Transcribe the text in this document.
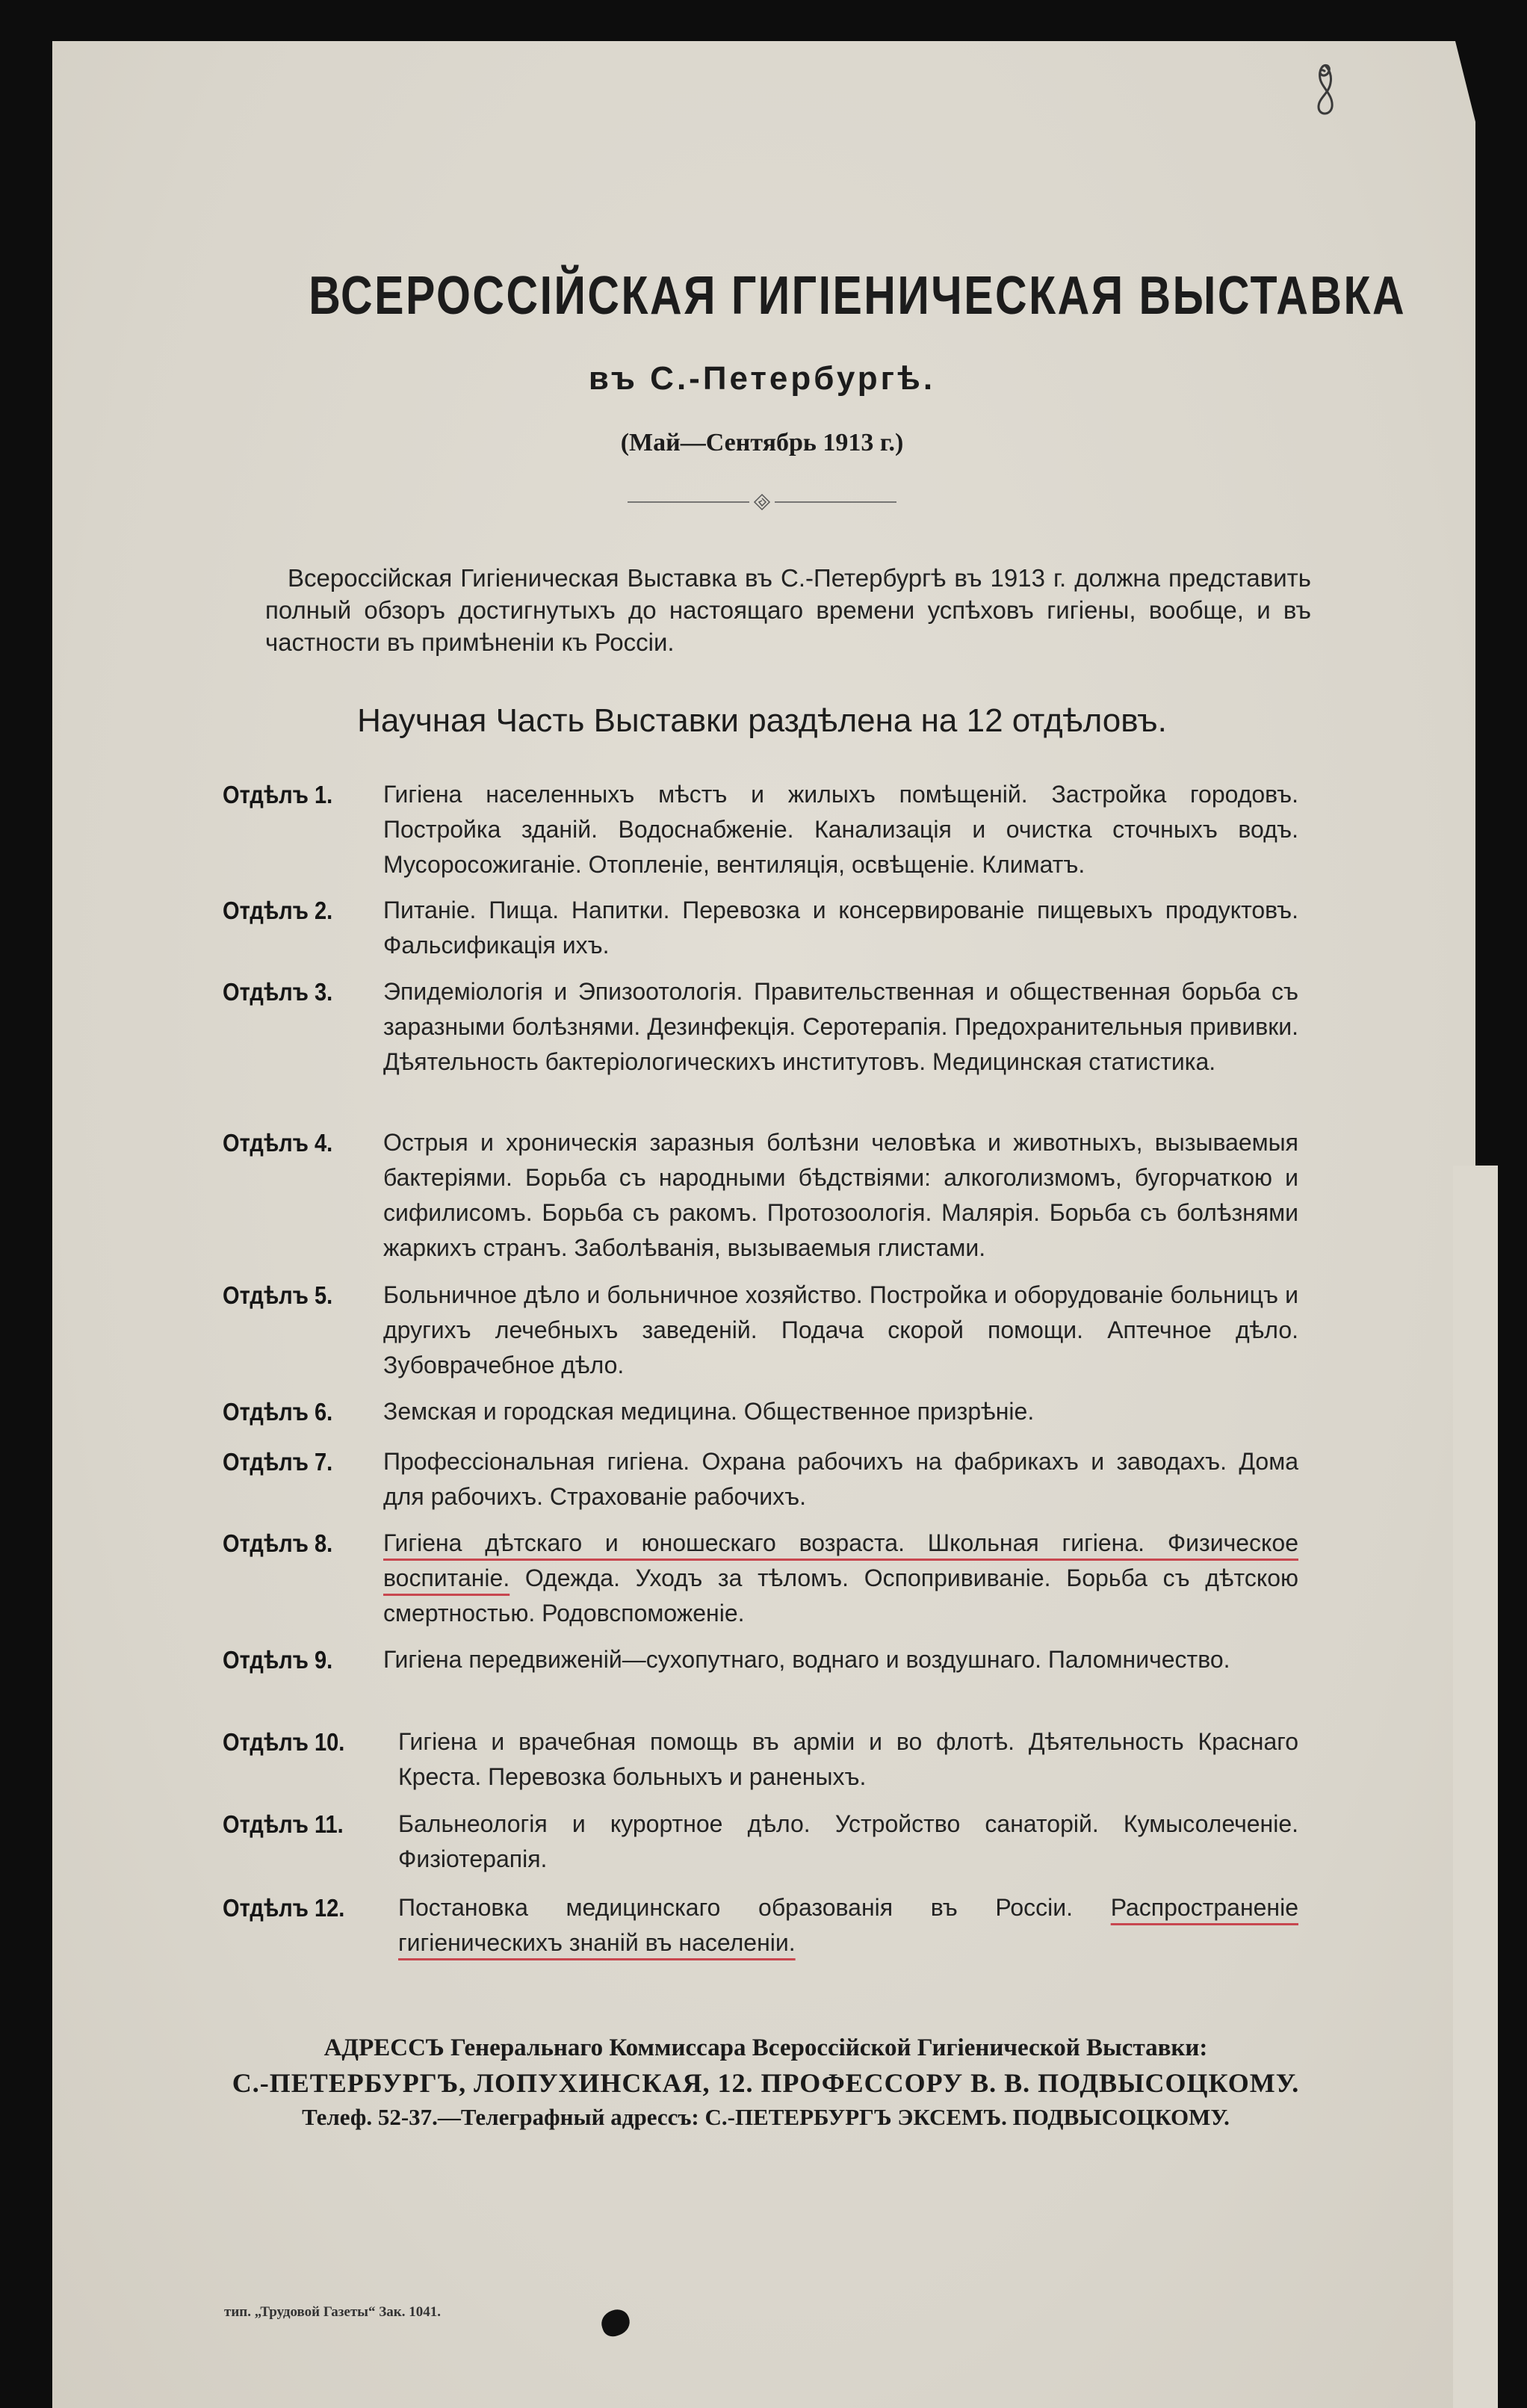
ВСЕРОССІЙСКАЯ ГИГІЕНИЧЕСКАЯ ВЫСТАВКА
въ С.-Петербургѣ.
(Май—Сентябрь 1913 г.)
Всероссійская Гигіеническая Выставка въ С.-Петербургѣ въ 1913 г. должна представить полный обзоръ достигнутыхъ до настоящаго времени успѣховъ гигіены, вообще, и въ частности въ примѣненіи къ Россіи.
Научная Часть Выставки раздѣлена на 12 отдѣловъ.
Отдѣлъ 1. Гигіена населенныхъ мѣстъ и жилыхъ помѣщеній. Застройка городовъ. Постройка зданій. Водоснабженіе. Канализація и очистка сточныхъ водъ. Мусоросожиганіе. Отопленіе, вентиляція, освѣщеніе. Климатъ.
Отдѣлъ 2. Питаніе. Пища. Напитки. Перевозка и консервированіе пищевыхъ продуктовъ. Фальсификація ихъ.
Отдѣлъ 3. Эпидеміологія и Эпизоотологія. Правительственная и общественная борьба съ заразными болѣзнями. Дезинфекція. Серотерапія. Предохранительныя прививки. Дѣятельность бактеріологическихъ институтовъ. Медицинская статистика.
Отдѣлъ 4. Острыя и хроническія заразныя болѣзни человѣка и животныхъ, вызываемыя бактеріями. Борьба съ народными бѣдствіями: алкоголизмомъ, бугорчаткою и сифилисомъ. Борьба съ ракомъ. Протозоологія. Малярія. Борьба съ болѣзнями жаркихъ странъ. Заболѣванія, вызываемыя глистами.
Отдѣлъ 5. Больничное дѣло и больничное хозяйство. Постройка и оборудованіе больницъ и другихъ лечебныхъ заведеній. Подача скорой помощи. Аптечное дѣло. Зубоврачебное дѣло.
Отдѣлъ 6. Земская и городская медицина. Общественное призрѣніе.
Отдѣлъ 7. Професcіональная гигіена. Охрана рабочихъ на фабрикахъ и заводахъ. Дома для рабочихъ. Страхованіе рабочихъ.
Отдѣлъ 8. Гигіена дѣтскаго и юношескаго возраста. Школьная гигіена. Физическое воспитаніе. Одежда. Уходъ за тѣломъ. Оспопрививаніе. Борьба съ дѣтскою смертностью. Родовспоможеніе.
Отдѣлъ 9. Гигіена передвиженій—сухопутнаго, воднаго и воздушнаго. Паломничество.
Отдѣлъ 10. Гигіена и врачебная помощь въ арміи и во флотѣ. Дѣятельность Краснаго Креста. Перевозка больныхъ и раненыхъ.
Отдѣлъ 11. Бальнеологія и курортное дѣло. Устройство санаторій. Кумысолеченіе. Физіотерапія.
Отдѣлъ 12. Постановка медицинскаго образованія въ Россіи. Распространеніе гигіеническихъ знаній въ населеніи.
АДРЕССЪ Генеральнаго Коммиссара Всероссійской Гигіенической Выставки:
С.-ПЕТЕРБУРГЪ, ЛОПУХИНСКАЯ, 12. ПРОФЕССОРУ В. В. ПОДВЫСОЦКОМУ.
Телеф. 52-37.—Телеграфный адрессъ: С.-ПЕТЕРБУРГЪ ЭКСЕМЪ. ПОДВЫСОЦКОМУ.
тип. „Трудовой Газеты“ Зак. 1041.
